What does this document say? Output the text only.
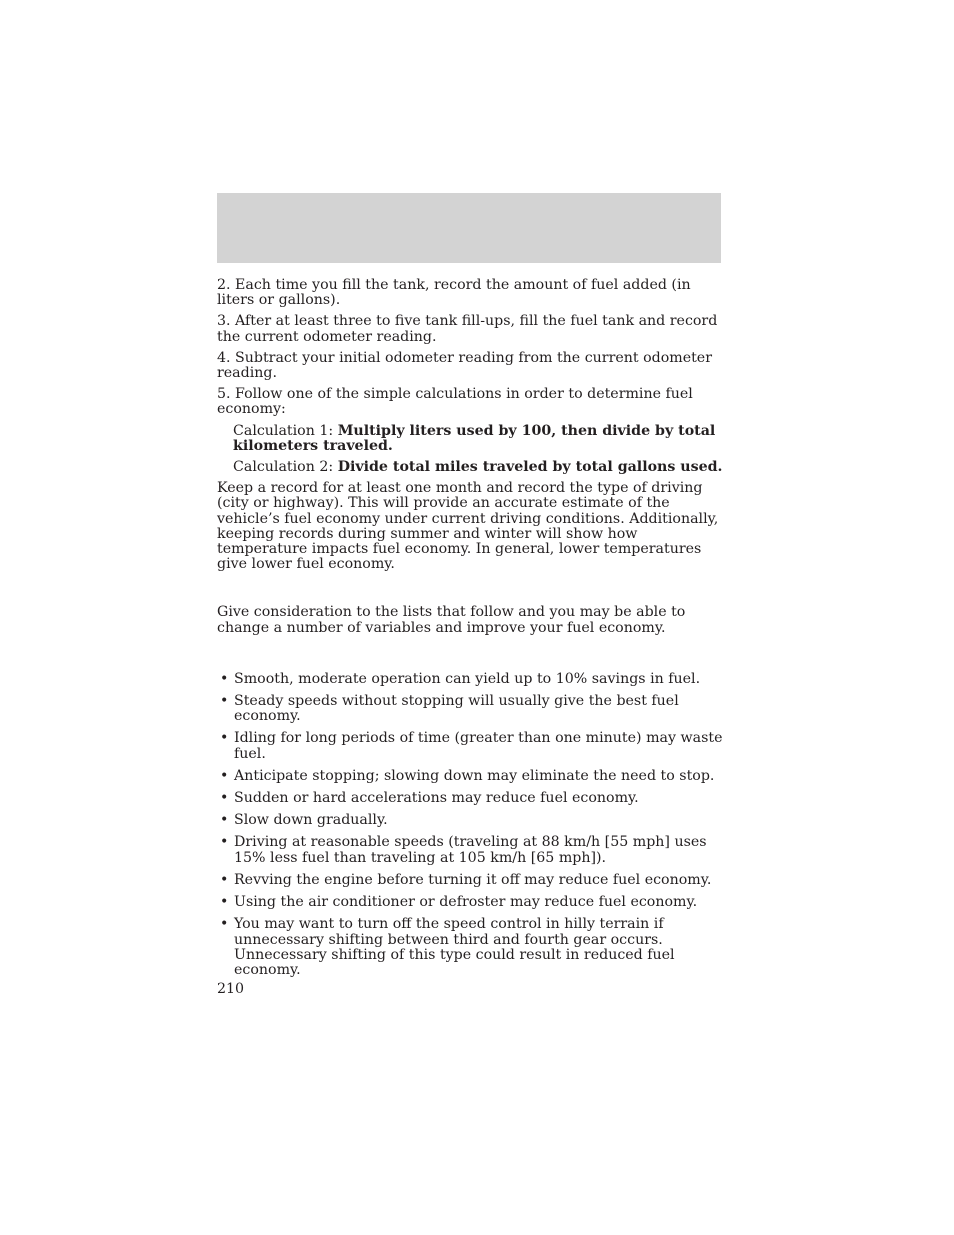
2. Each time you fill the tank, record the amount of fuel added (in liters or gallons).

3. After at least three to five tank fill-ups, fill the fuel tank and record the current odometer reading.

4. Subtract your initial odometer reading from the current odometer reading.

5. Follow one of the simple calculations in order to determine fuel economy:

Calculation 1: Multiply liters used by 100, then divide by total kilometers traveled.

Calculation 2: Divide total miles traveled by total gallons used.

Keep a record for at least one month and record the type of driving (city or highway). This will provide an accurate estimate of the vehicle’s fuel economy under current driving conditions. Additionally, keeping records during summer and winter will show how temperature impacts fuel economy. In general, lower temperatures give lower fuel economy.

Give consideration to the lists that follow and you may be able to change a number of variables and improve your fuel economy.

• Smooth, moderate operation can yield up to 10% savings in fuel.
• Steady speeds without stopping will usually give the best fuel economy.
• Idling for long periods of time (greater than one minute) may waste fuel.
• Anticipate stopping; slowing down may eliminate the need to stop.
• Sudden or hard accelerations may reduce fuel economy.
• Slow down gradually.
• Driving at reasonable speeds (traveling at 88 km/h [55 mph] uses 15% less fuel than traveling at 105 km/h [65 mph]).
• Revving the engine before turning it off may reduce fuel economy.
• Using the air conditioner or defroster may reduce fuel economy.
• You may want to turn off the speed control in hilly terrain if unnecessary shifting between third and fourth gear occurs. Unnecessary shifting of this type could result in reduced fuel economy.
210
